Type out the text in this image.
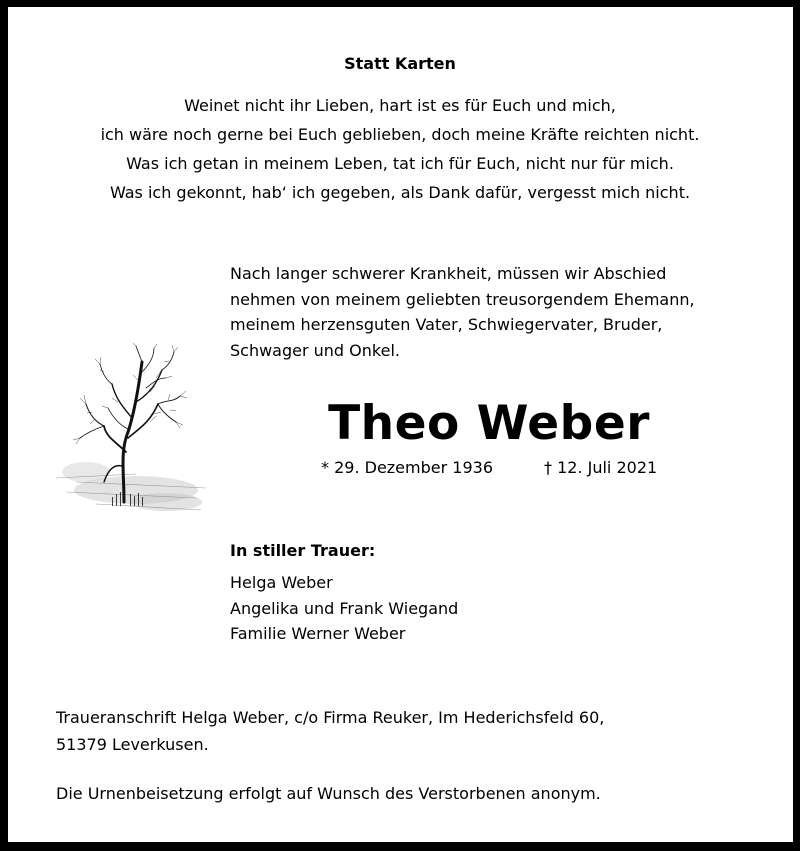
Statt Karten
Weinet nicht ihr Lieben, hart ist es für Euch und mich,
ich wäre noch gerne bei Euch geblieben, doch meine Kräfte reichten nicht.
Was ich getan in meinem Leben, tat ich für Euch, nicht nur für mich.
Was ich gekonnt, hab‘ ich gegeben, als Dank dafür, vergesst mich nicht.
Nach langer schwerer Krankheit, müssen wir Abschied
nehmen von meinem geliebten treusorgendem Ehemann,
meinem herzensguten Vater, Schwiegervater, Bruder,
Schwager und Onkel.
Theo Weber
* 29. Dezember 1936	† 12. Juli 2021
In stiller Trauer:
Helga Weber
Angelika und Frank Wiegand
Familie Werner Weber
Traueranschrift Helga Weber, c/o Firma Reuker, Im Hederichsfeld 60,
51379 Leverkusen.
Die Urnenbeisetzung erfolgt auf Wunsch des Verstorbenen anonym.
